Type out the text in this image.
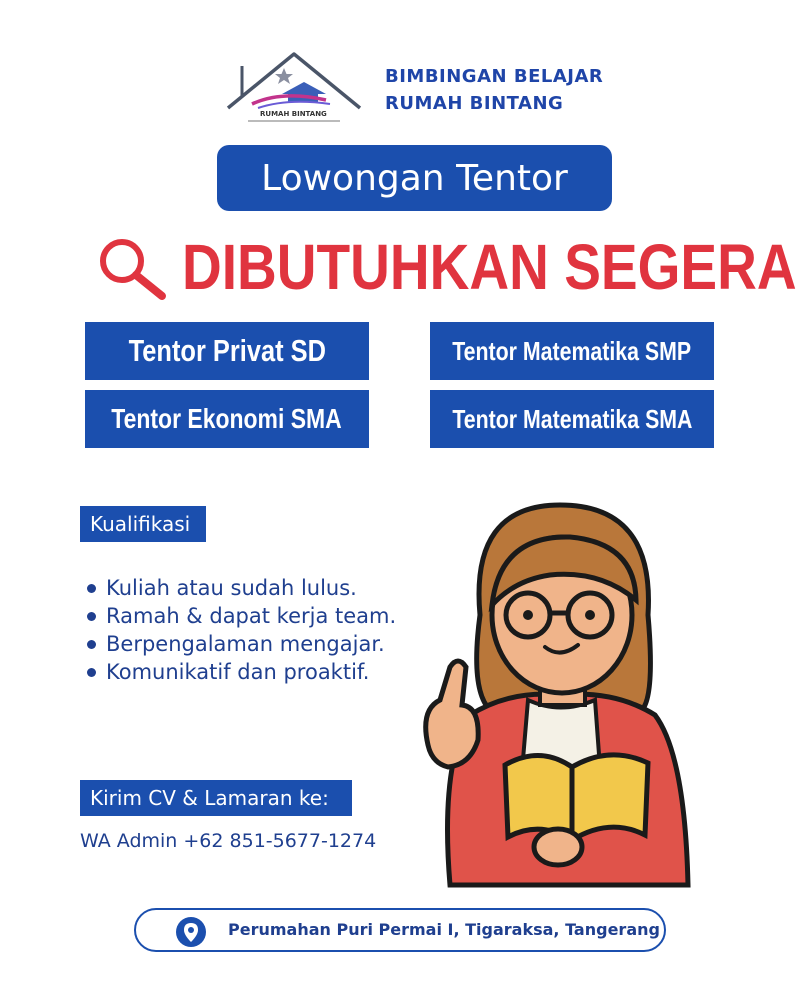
RUMAH BINTANG
BIMBINGAN BELAJAR
RUMAH BINTANG
Lowongan Tentor
DIBUTUHKAN SEGERA
Tentor Privat SD	Tentor Matematika SMP
Tentor Ekonomi SMA	Tentor Matematika SMA
Kualifikasi
Kuliah atau sudah lulus.
Ramah & dapat kerja team.
Berpengalaman mengajar.
Komunikatif dan proaktif.
Kirim CV & Lamaran ke:
WA Admin +62 851-5677-1274
Perumahan Puri Permai I, Tigaraksa, Tangerang
